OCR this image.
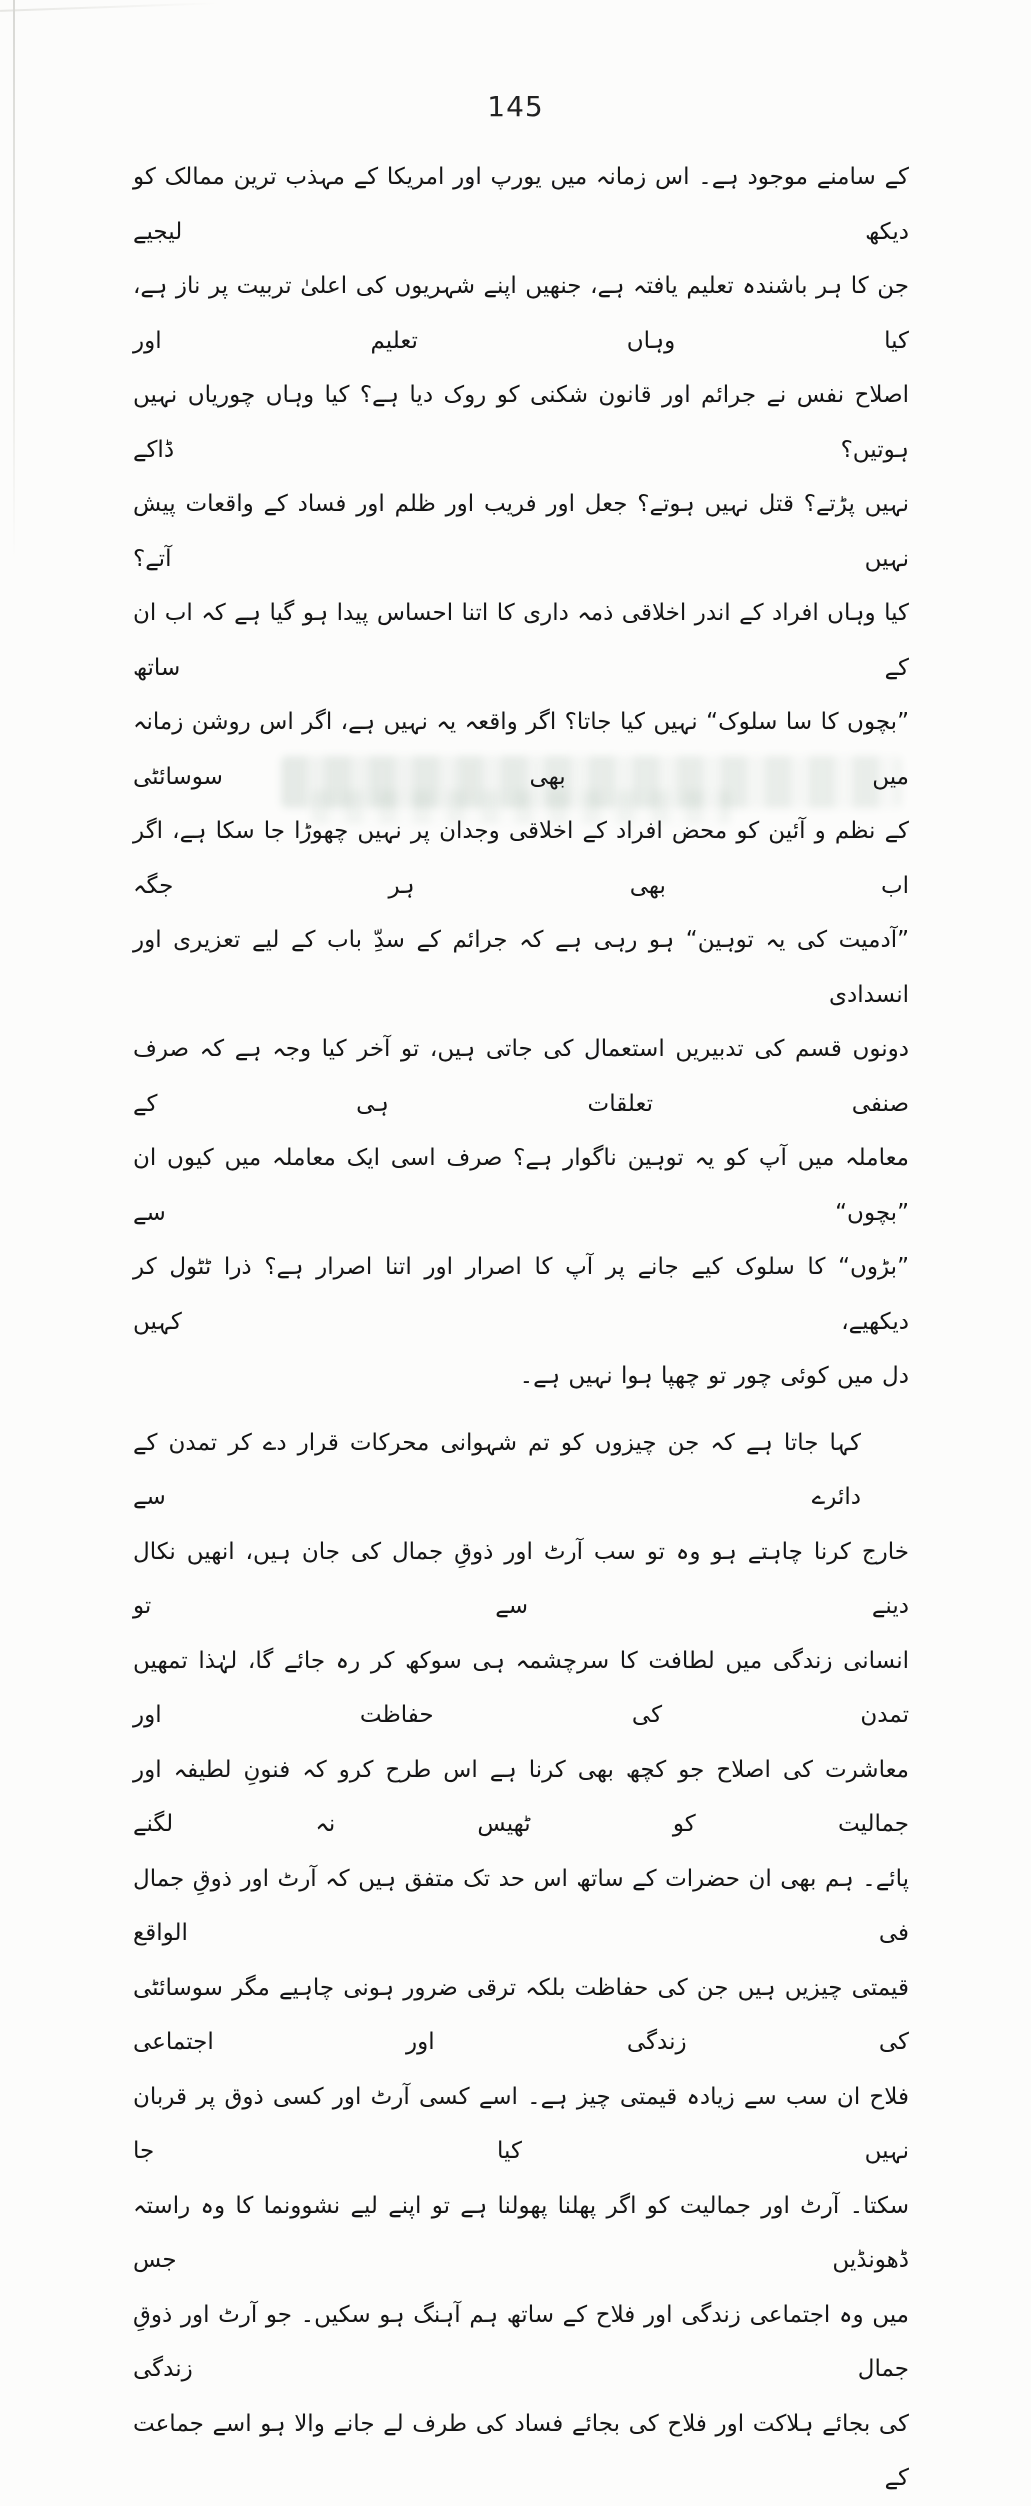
145
کے سامنے موجود ہے۔ اس زمانہ میں یورپ اور امریکا کے مہذب ترین ممالک کو دیکھ لیجیے
جن کا ہر باشندہ تعلیم یافتہ ہے، جنھیں اپنے شہریوں کی اعلیٰ تربیت پر ناز ہے، کیا وہاں تعلیم اور
اصلاح نفس نے جرائم اور قانون شکنی کو روک دیا ہے؟ کیا وہاں چوریاں نہیں ہوتیں؟ ڈاکے
نہیں پڑتے؟ قتل نہیں ہوتے؟ جعل اور فریب اور ظلم اور فساد کے واقعات پیش نہیں آتے؟
کیا وہاں افراد کے اندر اخلاقی ذمہ داری کا اتنا احساس پیدا ہو گیا ہے کہ اب ان کے ساتھ
”بچوں کا سا سلوک“ نہیں کیا جاتا؟ اگر واقعہ یہ نہیں ہے، اگر اس روشن زمانہ میں بھی سوسائٹی
کے نظم و آئین کو محض افراد کے اخلاقی وجدان پر نہیں چھوڑا جا سکا ہے، اگر اب بھی ہر جگہ
”آدمیت کی یہ توہین“ ہو رہی ہے کہ جرائم کے سدِّ باب کے لیے تعزیری اور انسدادی
دونوں قسم کی تدبیریں استعمال کی جاتی ہیں، تو آخر کیا وجہ ہے کہ صرف صنفی تعلقات ہی کے
معاملہ میں آپ کو یہ توہین ناگوار ہے؟ صرف اسی ایک معاملہ میں کیوں ان ”بچوں“ سے
”بڑوں“ کا سلوک کیے جانے پر آپ کا اصرار اور اتنا اصرار ہے؟ ذرا ٹٹول کر دیکھیے، کہیں
دل میں کوئی چور تو چھپا ہوا نہیں ہے۔
کہا جاتا ہے کہ جن چیزوں کو تم شہوانی محرکات قرار دے کر تمدن کے دائرے سے
خارج کرنا چاہتے ہو وہ تو سب آرٹ اور ذوقِ جمال کی جان ہیں، انھیں نکال دینے سے تو
انسانی زندگی میں لطافت کا سرچشمہ ہی سوکھ کر رہ جائے گا، لہٰذا تمھیں تمدن کی حفاظت اور
معاشرت کی اصلاح جو کچھ بھی کرنا ہے اس طرح کرو کہ فنونِ لطیفہ اور جمالیت کو ٹھیس نہ لگنے
پائے۔ ہم بھی ان حضرات کے ساتھ اس حد تک متفق ہیں کہ آرٹ اور ذوقِ جمال فی الواقع
قیمتی چیزیں ہیں جن کی حفاظت بلکہ ترقی ضرور ہونی چاہیے مگر سوسائٹی کی زندگی اور اجتماعی
فلاح ان سب سے زیادہ قیمتی چیز ہے۔ اسے کسی آرٹ اور کسی ذوق پر قربان نہیں کیا جا
سکتا۔ آرٹ اور جمالیت کو اگر پھلنا پھولنا ہے تو اپنے لیے نشوونما کا وہ راستہ ڈھونڈیں جس
میں وہ اجتماعی زندگی اور فلاح کے ساتھ ہم آہنگ ہو سکیں۔ جو آرٹ اور ذوقِ جمال زندگی
کی بجائے ہلاکت اور فلاح کی بجائے فساد کی طرف لے جانے والا ہو اسے جماعت کے
